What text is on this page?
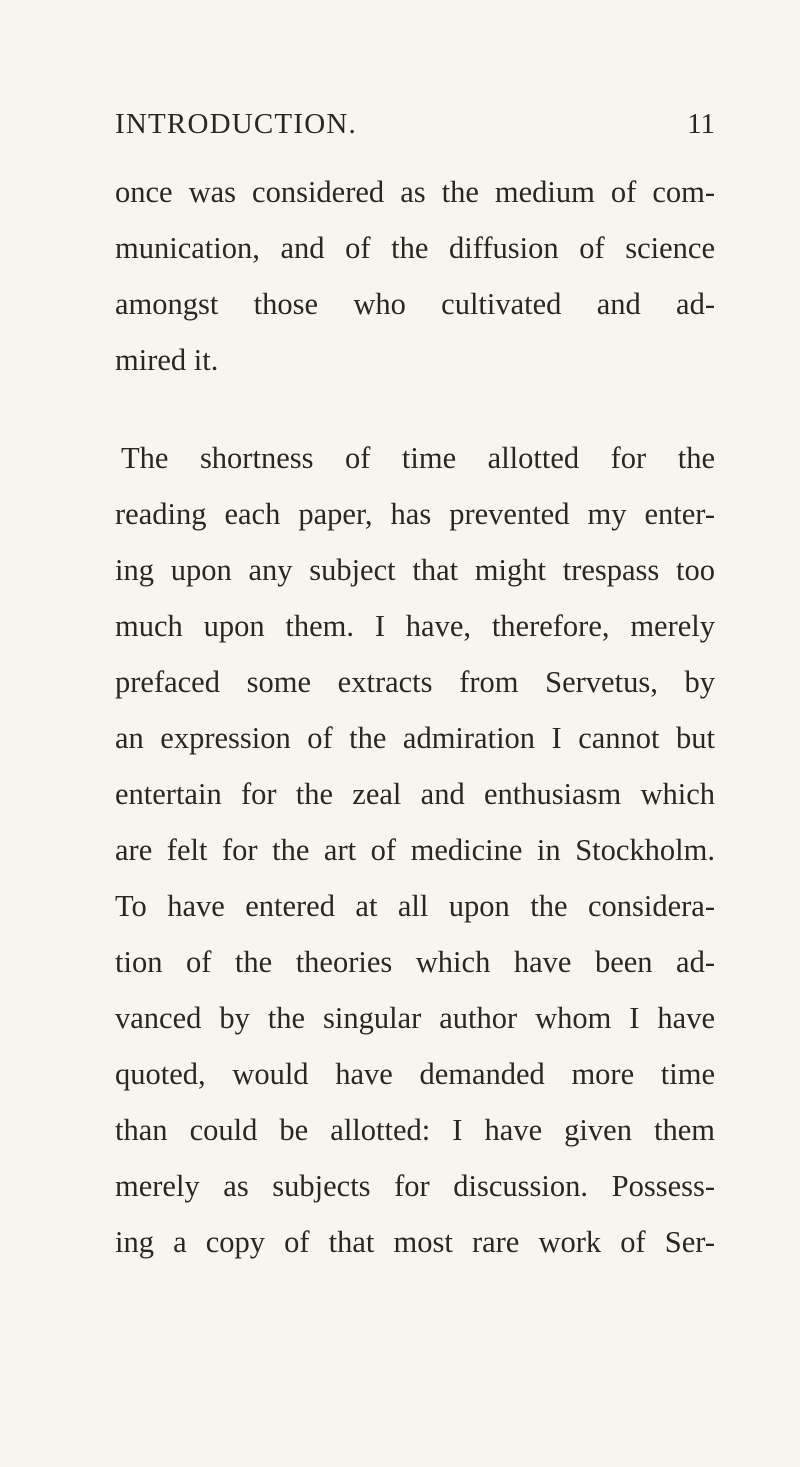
INTRODUCTION.	11

once was considered as the medium of com-
munication, and of the diffusion of science
amongst those who cultivated and ad-
mired it.

The shortness of time allotted for the
reading each paper, has prevented my enter-
ing upon any subject that might trespass too
much upon them. I have, therefore, merely
prefaced some extracts from Servetus, by
an expression of the admiration I cannot but
entertain for the zeal and enthusiasm which
are felt for the art of medicine in Stockholm.
To have entered at all upon the considera-
tion of the theories which have been ad-
vanced by the singular author whom I have
quoted, would have demanded more time
than could be allotted: I have given them
merely as subjects for discussion. Possess-
ing a copy of that most rare work of Ser-
